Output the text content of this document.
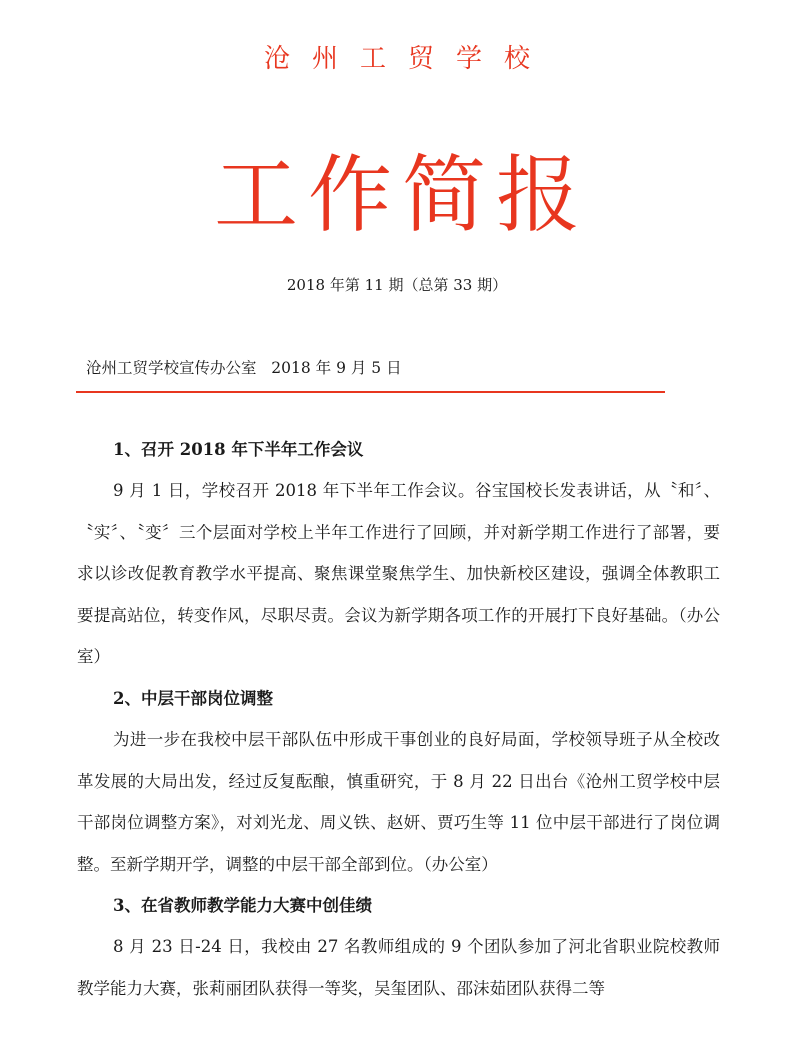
沧州工贸学校
工作简报
2018 年第 11 期（总第 33 期）
沧州工贸学校宣传办公室   2018 年 9 月 5 日

1、召开 2018 年下半年工作会议

9 月 1 日，学校召开 2018 年下半年工作会议。谷宝国校长发表讲话，从〝和〞、〝实〞、〝变〞三个层面对学校上半年工作进行了回顾，并对新学期工作进行了部署，要求以诊改促教育教学水平提高、聚焦课堂聚焦学生、加快新校区建设，强调全体教职工要提高站位，转变作风，尽职尽责。会议为新学期各项工作的开展打下良好基础。（办公室）

2、中层干部岗位调整

为进一步在我校中层干部队伍中形成干事创业的良好局面，学校领导班子从全校改革发展的大局出发，经过反复酝酿，慎重研究，于 8 月 22 日出台《沧州工贸学校中层干部岗位调整方案》，对刘光龙、周义铁、赵妍、贾巧生等 11 位中层干部进行了岗位调整。至新学期开学，调整的中层干部全部到位。（办公室）

3、在省教师教学能力大赛中创佳绩

8 月 23 日-24 日，我校由 27 名教师组成的 9 个团队参加了河北省职业院校教师教学能力大赛，张莉丽团队获得一等奖，吴玺团队、邵沫茹团队获得二等
